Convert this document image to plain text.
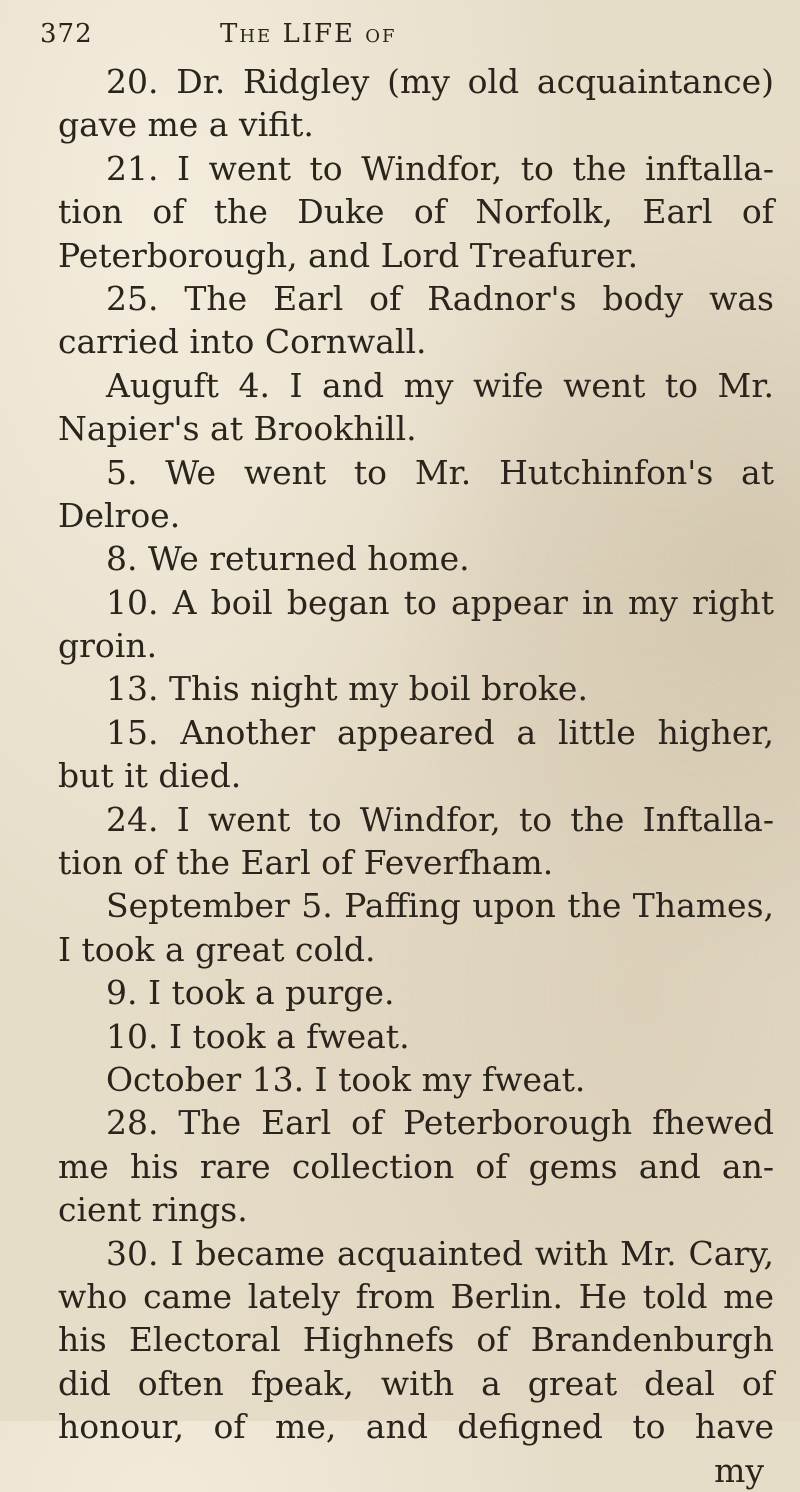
372	The LIFE of
20. Dr. Ridgley (my old acquaintance)
gave me a vifit.
21. I went to Windfor, to the inftalla-
tion of the Duke of Norfolk, Earl of
Peterborough, and Lord Treafurer.
25. The Earl of Radnor's body was
carried into Cornwall.
Auguft 4. I and my wife went to Mr.
Napier's at Brookhill.
5. We went to Mr. Hutchinfon's at
Delroe.
8. We returned home.
10. A boil began to appear in my right
groin.
13. This night my boil broke.
15. Another appeared a little higher,
but it died.
24. I went to Windfor, to the Inftalla-
tion of the Earl of Feverfham.
September 5. Paffing upon the Thames,
I took a great cold.
9. I took a purge.
10. I took a fweat.
October 13. I took my fweat.
28. The Earl of Peterborough fhewed
me his rare collection of gems and an-
cient rings.
30. I became acquainted with Mr. Cary,
who came lately from Berlin. He told me
his Electoral Highnefs of Brandenburgh
did often fpeak, with a great deal of
honour, of me, and defigned to have
my
